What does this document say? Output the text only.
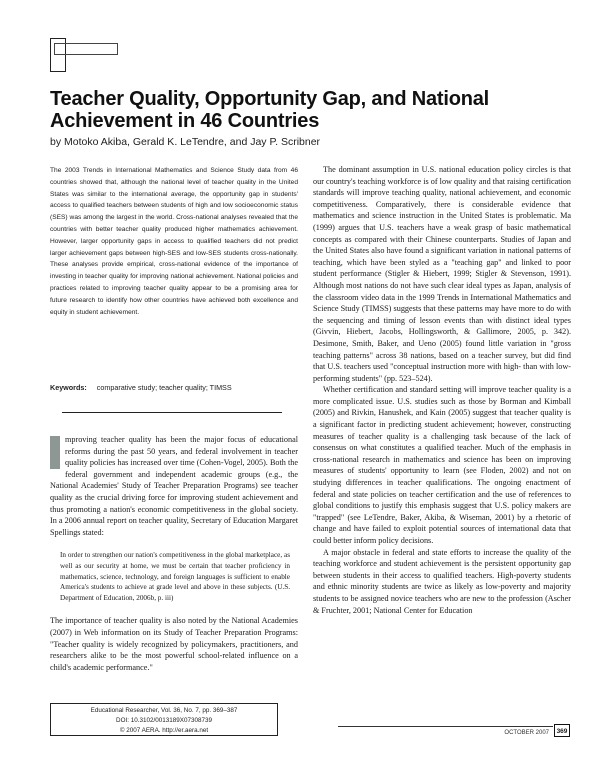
Teacher Quality, Opportunity Gap, and National Achievement in 46 Countries
by Motoko Akiba, Gerald K. LeTendre, and Jay P. Scribner
The 2003 Trends in International Mathematics and Science Study data from 46 countries showed that, although the national level of teacher quality in the United States was similar to the international average, the opportunity gap in students' access to qualified teachers between students of high and low socioeconomic status (SES) was among the largest in the world. Cross-national analyses revealed that the countries with better teacher quality produced higher mathematics achievement. However, larger opportunity gaps in access to qualified teachers did not predict larger achievement gaps between high-SES and low-SES students cross-nationally. These analyses provide empirical, cross-national evidence of the importance of investing in teacher quality for improving national achievement. National policies and practices related to improving teacher quality appear to be a promising area for future research to identify how other countries have achieved both excellence and equity in student achievement.
Keywords: comparative study; teacher quality; TIMSS

mproving teacher quality has been the major focus of educational reforms during the past 50 years, and federal involvement in teacher quality policies has increased over time (Cohen-Vogel, 2005). Both the federal government and independent academic groups (e.g., the National Academies' Study of Teacher Preparation Programs) see teacher quality as the crucial driving force for improving student achievement and thus promoting a nation's economic competitiveness in the global society. In a 2006 annual report on teacher quality, Secretary of Education Margaret Spellings stated:

In order to strengthen our nation's competitiveness in the global marketplace, as well as our security at home, we must be certain that teacher proficiency in mathematics, science, technology, and foreign languages is sufficient to enable America's students to achieve at grade level and above in these subjects. (U.S. Department of Education, 2006b, p. iii)

The importance of teacher quality is also noted by the National Academies (2007) in Web information on its Study of Teacher Preparation Programs: "Teacher quality is widely recognized by policymakers, practitioners, and researchers alike to be the most powerful school-related influence on a child's academic performance."

The dominant assumption in U.S. national education policy circles is that our country's teaching workforce is of low quality and that raising certification standards will improve teaching quality, national achievement, and economic competitiveness. Comparatively, there is considerable evidence that mathematics and science instruction in the United States is problematic. Ma (1999) argues that U.S. teachers have a weak grasp of basic mathematical concepts as compared with their Chinese counterparts. Studies of Japan and the United States also have found a significant variation in national patterns of teaching, which have been styled as a "teaching gap" and linked to poor student performance (Stigler & Hiebert, 1999; Stigler & Stevenson, 1991). Although most nations do not have such clear ideal types as Japan, analysis of the classroom video data in the 1999 Trends in International Mathematics and Science Study (TIMSS) suggests that these patterns may have more to do with the sequencing and timing of lesson events than with distinct ideal types (Givvin, Hiebert, Jacobs, Hollingsworth, & Gallimore, 2005, p. 342). Desimone, Smith, Baker, and Ueno (2005) found little variation in "gross teaching patterns" across 38 nations, based on a teacher survey, but did find that U.S. teachers used "conceptual instruction more with high- than with low-performing students" (pp. 523–524).

Whether certification and standard setting will improve teacher quality is a more complicated issue. U.S. studies such as those by Borman and Kimball (2005) and Rivkin, Hanushek, and Kain (2005) suggest that teacher quality is a significant factor in predicting student achievement; however, constructing measures of teacher quality is a challenging task because of the lack of consensus on what constitutes a qualified teacher. Much of the emphasis in cross-national research in mathematics and science has been on improving measures of students' opportunity to learn (see Floden, 2002) and not on studying differences in teacher qualifications. The ongoing enactment of federal and state policies on teacher certification and the use of references to global conditions to justify this emphasis suggest that U.S. policy makers are "trapped" (see LeTendre, Baker, Akiba, & Wiseman, 2001) by a rhetoric of change and have failed to exploit potential sources of international data that could better inform policy decisions.

A major obstacle in federal and state efforts to increase the quality of the teaching workforce and student achievement is the persistent opportunity gap between students in their access to qualified teachers. High-poverty students and ethnic minority students are twice as likely as low-poverty and majority students to be assigned novice teachers who are new to the profession (Ascher & Fruchter, 2001; National Center for Education

Educational Researcher, Vol. 36, No. 7, pp. 369–387
DOI: 10.3102/0013189X07308739
© 2007 AERA. http://er.aera.net	OCTOBER 2007	369
